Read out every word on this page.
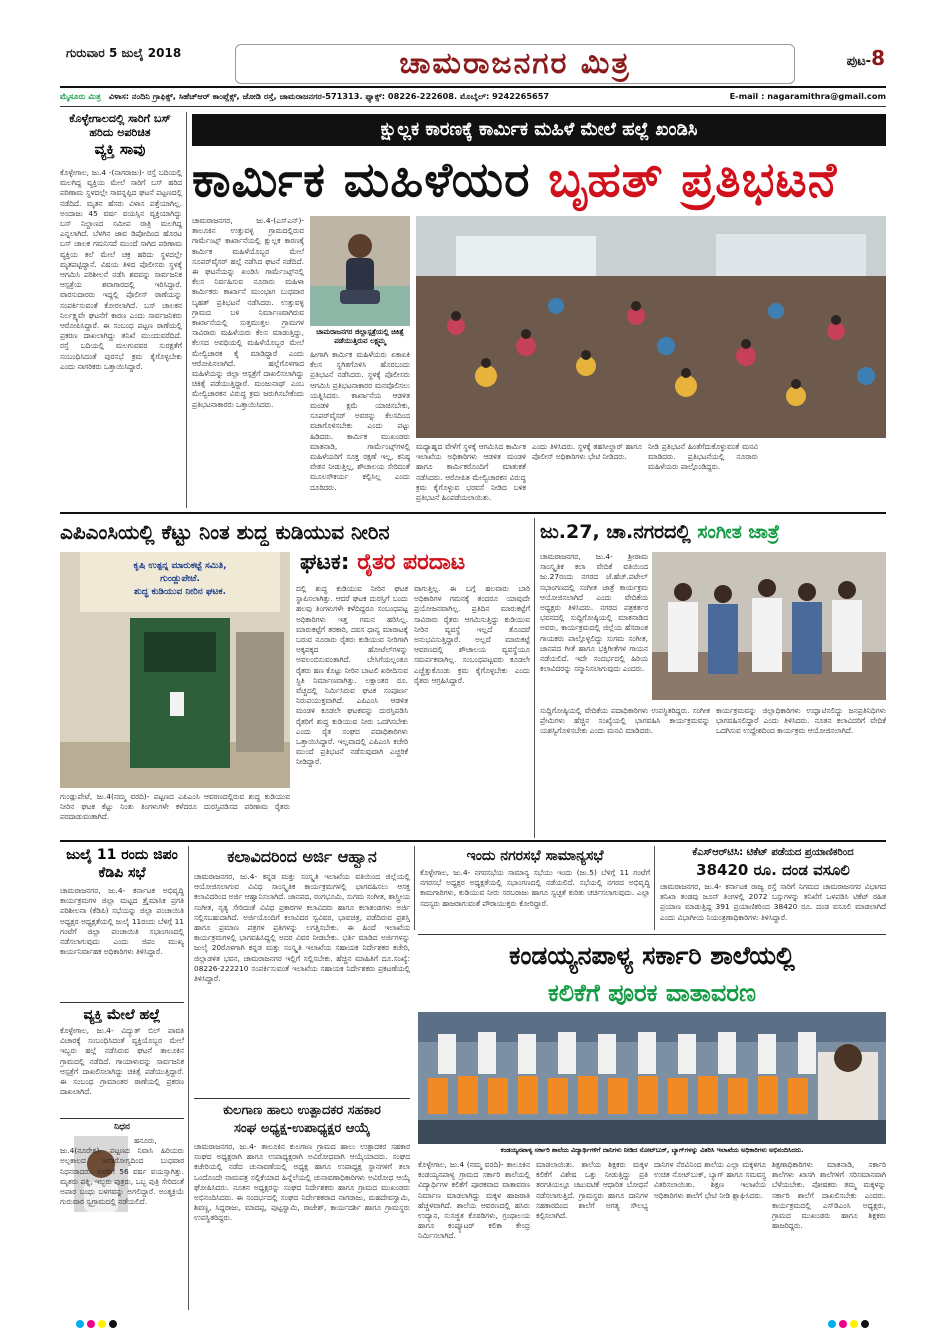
ಗುರುವಾರ 5 ಜುಲೈ 2018	ಚಾಮರಾಜನಗರ ಮಿತ್ರ	ಪುಟ-8
ಮೈಸೂರು ಮಿತ್ರ ವಿಳಾಸ: ನಂದಿನಿ ಗ್ರಾಫಿಕ್ಸ್, ಸಿಹೆಚ್‌ಆರ್ ಕಾಂಪ್ಲೆಕ್ಸ್, ಜೋಡಿ ರಸ್ತೆ, ಚಾಮರಾಜನಗರ-571313. ಫ್ಯಾಕ್ಸ್: 08226-222608. ಮೊಬೈಲ್: 9242265657	E-mail : nagaramithra@gmail.com
ಕೊಳ್ಳೇಗಾಲದಲ್ಲಿ ಸಾರಿಗೆ ಬಸ್ ಹರಿದು ಅಪರಿಚಿತ
ವ್ಯಕ್ತಿ ಸಾವು
ಕೊಳ್ಳೇಗಾಲ, ಜು.4 -(ನಾಗರಾಜು)- ರಸ್ತೆ ಬದಿಯಲ್ಲಿ ಮಲಗಿದ್ದ ವ್ಯಕ್ತಿಯ ಮೇಲೆ ಸಾರಿಗೆ ಬಸ್ ಹರಿದ ಪರಿಣಾಮ ಸ್ಥಳದಲ್ಲೇ ಸಾವನ್ನಪ್ಪಿದ ಘಟನೆ ಪಟ್ಟಣದಲ್ಲಿ ನಡೆದಿದೆ. ಮೃತನ ಹೆಸರು ವಿಳಾಸ ಪತ್ತೆಯಾಗಿಲ್ಲ. ಅಂದಾಜು 45 ವರ್ಷ ವಯಸ್ಸಿನ ವ್ಯಕ್ತಿಯಾಗಿದ್ದು ಬಸ್ ನಿಲ್ದಾಣದ ಸಮೀಪ ರಾತ್ರಿ ಮಲಗಿದ್ದ ಎನ್ನಲಾಗಿದೆ. ಬೆಳಗಿನ ಜಾವ ಡಿಪೋದಿಂದ ಹೊರಟ ಬಸ್ ಚಾಲಕ ಗಮನಿಸದೆ ಮುಂದೆ ಸಾಗಿದ ಪರಿಣಾಮ ವ್ಯಕ್ತಿಯ ತಲೆ ಮೇಲೆ ಚಕ್ರ ಹರಿದು ಸ್ಥಳದಲ್ಲೇ ಮೃತಪಟ್ಟಿದ್ದಾನೆ. ವಿಷಯ ತಿಳಿದ ಪೊಲೀಸರು ಸ್ಥಳಕ್ಕೆ ಆಗಮಿಸಿ ಪರಿಶೀಲನೆ ನಡೆಸಿ ಶವವನ್ನು ಸಾರ್ವಜನಿಕ ಆಸ್ಪತ್ರೆಯ ಶವಾಗಾರದಲ್ಲಿ ಇರಿಸಿದ್ದಾರೆ. ವಾರಸುದಾರರು ಇದ್ದಲ್ಲಿ ಪೊಲೀಸ್ ಠಾಣೆಯನ್ನು ಸಂಪರ್ಕಿಸುವಂತೆ ಕೋರಲಾಗಿದೆ. ಬಸ್ ಚಾಲಕನ ನಿರ್ಲಕ್ಷ್ಯವೇ ಘಟನೆಗೆ ಕಾರಣ ಎಂದು ಸಾರ್ವಜನಿಕರು ಆರೋಪಿಸಿದ್ದಾರೆ. ಈ ಸಂಬಂಧ ಪಟ್ಟಣ ಠಾಣೆಯಲ್ಲಿ ಪ್ರಕರಣ ದಾಖಲಾಗಿದ್ದು ತನಿಖೆ ಮುಂದುವರೆದಿದೆ. ರಸ್ತೆ ಬದಿಯಲ್ಲಿ ಮಲಗುವವರ ಸುರಕ್ಷತೆಗೆ ಸಂಬಂಧಿಸಿದಂತೆ ಪುರಸಭೆ ಕ್ರಮ ಕೈಗೊಳ್ಳಬೇಕು ಎಂದು ನಾಗರಿಕರು ಒತ್ತಾಯಿಸಿದ್ದಾರೆ.
ಕ್ಷುಲ್ಲಕ ಕಾರಣಕ್ಕೆ ಕಾರ್ಮಿಕ ಮಹಿಳೆ ಮೇಲೆ ಹಲ್ಲೆ ಖಂಡಿಸಿ
ಕಾರ್ಮಿಕ ಮಹಿಳೆಯರ ಬೃಹತ್ ಪ್ರತಿಭಟನೆ
ಚಾಮರಾಜನಗರ, ಜು.4-(ಎಸ್‌ಎನ್)- ತಾಲೂಕಿನ ಉತ್ತುವಳ್ಳಿ ಗ್ರಾಮದಲ್ಲಿರುವ ಗಾರ್ಮೆಂಟ್ಸ್ ಕಾರ್ಖಾನೆಯಲ್ಲಿ ಕ್ಷುಲ್ಲಕ ಕಾರಣಕ್ಕೆ ಕಾರ್ಮಿಕ ಮಹಿಳೆಯೊಬ್ಬರ ಮೇಲೆ ಸೂಪರ್‌ವೈಸರ್ ಹಲ್ಲೆ ನಡೆಸಿದ ಘಟನೆ ನಡೆದಿದೆ. ಈ ಘಟನೆಯನ್ನು ಖಂಡಿಸಿ ಗಾರ್ಮೆಂಟ್ಸ್‌ನಲ್ಲಿ ಕೆಲಸ ನಿರ್ವಹಿಸುವ ನೂರಾರು ಮಹಿಳಾ ಕಾರ್ಮಿಕರು ಕಾರ್ಖಾನೆ ಮುಂಭಾಗ ಬುಧವಾರ ಬೃಹತ್ ಪ್ರತಿಭಟನೆ ನಡೆಸಿದರು. ಉತ್ತುವಳ್ಳಿ ಗ್ರಾಮದ ಬಳಿ ನಿರ್ಮಾಣವಾಗಿರುವ ಕಾರ್ಖಾನೆಯಲ್ಲಿ ಸುತ್ತಮುತ್ತಲ ಗ್ರಾಮಗಳ ಸಾವಿರಾರು ಮಹಿಳೆಯರು ಕೆಲಸ ಮಾಡುತ್ತಿದ್ದು, ಕೆಲಸದ ಅವಧಿಯಲ್ಲಿ ಮಹಿಳೆಯೊಬ್ಬರ ಮೇಲೆ ಮೇಲ್ವಿಚಾರಕ ಕೈ ಮಾಡಿದ್ದಾರೆ ಎಂದು ಆರೋಪಿಸಲಾಗಿದೆ. ಹಲ್ಲೆಗೊಳಗಾದ ಮಹಿಳೆಯನ್ನು ಜಿಲ್ಲಾ ಆಸ್ಪತ್ರೆಗೆ ದಾಖಲಿಸಲಾಗಿದ್ದು ಚಿಕಿತ್ಸೆ ಪಡೆಯುತ್ತಿದ್ದಾರೆ. ಮಂಜುನಾಥ್ ಎಂಬ ಮೇಲ್ವಿಚಾರಕನ ವಿರುದ್ಧ ಕ್ರಮ ಜರುಗಿಸಬೇಕೆಂದು ಪ್ರತಿಭಟನಾಕಾರರು ಒತ್ತಾಯಿಸಿದರು.
ಚಾಮರಾಜನಗರ ಜಿಲ್ಲಾಸ್ಪತ್ರೆಯಲ್ಲಿ ಚಿಕಿತ್ಸೆ ಪಡೆಯುತ್ತಿರುವ ಲಕ್ಷ್ಮಮ್ಮ
ಹೀಗಾಗಿ ಕಾರ್ಮಿಕ ಮಹಿಳೆಯರು ಏಕಾಏಕಿ ಕೆಲಸ ಸ್ಥಗಿತಗೊಳಿಸಿ ಹೊರಬಂದು ಪ್ರತಿಭಟನೆ ನಡೆಸಿದರು. ಸ್ಥಳಕ್ಕೆ ಪೊಲೀಸರು ಆಗಮಿಸಿ ಪ್ರತಿಭಟನಾಕಾರರ ಮನವೊಲಿಸಲು ಯತ್ನಿಸಿದರು. ಕಾರ್ಖಾನೆಯ ಆಡಳಿತ ಮಂಡಳಿ ಕ್ಷಮೆ ಯಾಚಿಸಬೇಕು, ಸೂಪರ್‌ವೈಸರ್ ಅವರನ್ನು ಕೆಲಸದಿಂದ ವಜಾಗೊಳಿಸಬೇಕು ಎಂದು ಪಟ್ಟು ಹಿಡಿದರು. ಕಾರ್ಮಿಕ ಮುಖಂಡರು ಮಾತನಾಡಿ, ಗಾರ್ಮೆಂಟ್ಸ್‌ಗಳಲ್ಲಿ ಮಹಿಳೆಯರಿಗೆ ಸೂಕ್ತ ರಕ್ಷಣೆ ಇಲ್ಲ, ಕನಿಷ್ಠ ವೇತನ ನೀಡುತ್ತಿಲ್ಲ, ಶೌಚಾಲಯ ಸೇರಿದಂತೆ ಮೂಲಸೌಕರ್ಯ ಕಲ್ಪಿಸಿಲ್ಲ ಎಂದು ದೂರಿದರು.
ಮಧ್ಯಾಹ್ನದ ವೇಳೆಗೆ ಸ್ಥಳಕ್ಕೆ ಆಗಮಿಸಿದ ಕಾರ್ಮಿಕ ಇಲಾಖೆಯ ಅಧಿಕಾರಿಗಳು ಆಡಳಿತ ಮಂಡಳಿ ಹಾಗೂ ಕಾರ್ಮಿಕರೊಂದಿಗೆ ಮಾತುಕತೆ ನಡೆಸಿದರು. ಆರೋಪಿತ ಮೇಲ್ವಿಚಾರಕನ ವಿರುದ್ಧ ಕ್ರಮ ಕೈಗೊಳ್ಳುವ ಭರವಸೆ ನೀಡಿದ ಬಳಿಕ ಪ್ರತಿಭಟನೆ ಹಿಂಪಡೆಯಲಾಯಿತು.
ಎಂದು ತಿಳಿಸಿದರು. ಸ್ಥಳಕ್ಕೆ ತಹಸೀಲ್ದಾರ್ ಹಾಗೂ ಪೊಲೀಸ್ ಅಧಿಕಾರಿಗಳು ಭೇಟಿ ನೀಡಿದರು.
ನೀಡಿ ಪ್ರತಿಭಟನೆ ಹಿಂತೆಗೆದುಕೊಳ್ಳುವಂತೆ ಮನವಿ ಮಾಡಿದರು. ಪ್ರತಿಭಟನೆಯಲ್ಲಿ ನೂರಾರು ಮಹಿಳೆಯರು ಪಾಲ್ಗೊಂಡಿದ್ದರು.
ಎಪಿಎಂಸಿಯಲ್ಲಿ ಕೆಟ್ಟು ನಿಂತ ಶುದ್ಧ ಕುಡಿಯುವ ನೀರಿನ
ಘಟಕ: ರೈತರ ಪರದಾಟ
ಕೃಷಿ ಉತ್ಪನ್ನ ಮಾರುಕಟ್ಟೆ ಸಮಿತಿ,
ಗುಂಡ್ಲುಪೇಟೆ.
ಶುದ್ಧ ಕುಡಿಯುವ ನೀರಿನ ಘಟಕ.
ಗುಂಡ್ಲುಪೇಟೆ, ಜು.4(ನಮ್ಮ ವರದಿ)- ಪಟ್ಟಣದ ಎಪಿಎಂಸಿ ಆವರಣದಲ್ಲಿರುವ ಶುದ್ಧ ಕುಡಿಯುವ ನೀರಿನ ಘಟಕ ಕೆಟ್ಟು ನಿಂತು ತಿಂಗಳುಗಳೇ ಕಳೆದರೂ ದುರಸ್ತಿಪಡಿಸದ ಪರಿಣಾಮ ರೈತರು ಪರದಾಡುವಂತಾಗಿದೆ.
ದಲ್ಲಿ ಶುದ್ಧ ಕುಡಿಯುವ ನೀರಿನ ಘಟಕ ಸ್ಥಾಪಿಸಲಾಗಿತ್ತು. ಆದರೆ ಘಟಕ ದುರಸ್ತಿಗೆ ಬಂದು ಹಲವು ತಿಂಗಳುಗಳೇ ಕಳೆದಿದ್ದರೂ ಸಂಬಂಧಪಟ್ಟ ಅಧಿಕಾರಿಗಳು ಇತ್ತ ಗಮನ ಹರಿಸಿಲ್ಲ. ಮಾರುಕಟ್ಟೆಗೆ ತರಕಾರಿ, ದವಸ ಧಾನ್ಯ ಮಾರಾಟಕ್ಕೆ ಬರುವ ನೂರಾರು ರೈತರು ಕುಡಿಯುವ ನೀರಿಗಾಗಿ ಅಕ್ಕಪಕ್ಕದ ಹೋಟೆಲ್‌ಗಳನ್ನು ಅವಲಂಬಿಸುವಂತಾಗಿದೆ. ಬೇಸಿಗೆಯಲ್ಲಂತೂ ರೈತರು ಹಣ ಕೊಟ್ಟು ನೀರಿನ ಬಾಟಲಿ ಖರೀದಿಸುವ ಸ್ಥಿತಿ ನಿರ್ಮಾಣವಾಗಿತ್ತು. ಲಕ್ಷಾಂತರ ರೂ. ವೆಚ್ಚದಲ್ಲಿ ನಿರ್ಮಿಸಿರುವ ಘಟಕ ಸಂಪೂರ್ಣ ನಿರುಪಯುಕ್ತವಾಗಿದೆ. ಎಪಿಎಂಸಿ ಆಡಳಿತ ಮಂಡಳಿ ಕೂಡಲೇ ಘಟಕವನ್ನು ದುರಸ್ತಿಪಡಿಸಿ ರೈತರಿಗೆ ಶುದ್ಧ ಕುಡಿಯುವ ನೀರು ಒದಗಿಸಬೇಕು ಎಂದು ರೈತ ಸಂಘದ ಪದಾಧಿಕಾರಿಗಳು ಒತ್ತಾಯಿಸಿದ್ದಾರೆ. ಇಲ್ಲವಾದಲ್ಲಿ ಎಪಿಎಂಸಿ ಕಚೇರಿ ಮುಂದೆ ಪ್ರತಿಭಟನೆ ನಡೆಸುವುದಾಗಿ ಎಚ್ಚರಿಕೆ ನೀಡಿದ್ದಾರೆ.
ವಾಗುತ್ತಿಲ್ಲ. ಈ ಬಗ್ಗೆ ಹಲವಾರು ಬಾರಿ ಅಧಿಕಾರಿಗಳ ಗಮನಕ್ಕೆ ತಂದರೂ ಯಾವುದೇ ಪ್ರಯೋಜನವಾಗಿಲ್ಲ. ಪ್ರತಿದಿನ ಮಾರುಕಟ್ಟೆಗೆ ಸಾವಿರಾರು ರೈತರು ಆಗಮಿಸುತ್ತಿದ್ದು ಕುಡಿಯುವ ನೀರಿನ ವ್ಯವಸ್ಥೆ ಇಲ್ಲದೆ ತೊಂದರೆ ಅನುಭವಿಸುತ್ತಿದ್ದಾರೆ. ಅಲ್ಲದೆ ಮಾರುಕಟ್ಟೆ ಆವರಣದಲ್ಲಿ ಶೌಚಾಲಯ ವ್ಯವಸ್ಥೆಯೂ ಸಮರ್ಪಕವಾಗಿಲ್ಲ. ಸಂಬಂಧಪಟ್ಟವರು ಕೂಡಲೇ ಎಚ್ಚೆತ್ತುಕೊಂಡು ಕ್ರಮ ಕೈಗೊಳ್ಳಬೇಕು ಎಂದು ರೈತರು ಆಗ್ರಹಿಸಿದ್ದಾರೆ.
ಜು.27, ಚಾ.ನಗರದಲ್ಲಿ ಸಂಗೀತ ಜಾತ್ರೆ
ಚಾಮರಾಜನಗರ, ಜು.4- ಶ್ರೀರಾಮ ಸಾಂಸ್ಕೃತಿಕ ಕಲಾ ವೇದಿಕೆ ವತಿಯಿಂದ ಜು.27ರಂದು ನಗರದ ಜೆ.ಹೆಚ್.ಪಟೇಲ್ ಸಭಾಂಗಣದಲ್ಲಿ ಸಂಗೀತ ಜಾತ್ರೆ ಕಾರ್ಯಕ್ರಮ ಆಯೋಜಿಸಲಾಗಿದೆ ಎಂದು ವೇದಿಕೆಯ ಅಧ್ಯಕ್ಷರು ತಿಳಿಸಿದರು. ನಗರದ ಪತ್ರಕರ್ತರ ಭವನದಲ್ಲಿ ಸುದ್ದಿಗೋಷ್ಠಿಯಲ್ಲಿ ಮಾತನಾಡಿದ ಅವರು, ಕಾರ್ಯಕ್ರಮದಲ್ಲಿ ಜಿಲ್ಲೆಯ ಹೆಸರಾಂತ ಗಾಯಕರು ಪಾಲ್ಗೊಳ್ಳಲಿದ್ದು ಸುಗಮ ಸಂಗೀತ, ಜಾನಪದ ಗೀತೆ ಹಾಗೂ ಭಕ್ತಿಗೀತೆಗಳ ಗಾಯನ ನಡೆಯಲಿದೆ. ಇದೇ ಸಂದರ್ಭದಲ್ಲಿ ಹಿರಿಯ ಕಲಾವಿದರನ್ನು ಸನ್ಮಾನಿಸಲಾಗುವುದು ಎಂದರು.
ಸುದ್ದಿಗೋಷ್ಠಿಯಲ್ಲಿ ವೇದಿಕೆಯ ಪದಾಧಿಕಾರಿಗಳು ಉಪಸ್ಥಿತರಿದ್ದರು. ಸಂಗೀತ ಪ್ರೇಮಿಗಳು ಹೆಚ್ಚಿನ ಸಂಖ್ಯೆಯಲ್ಲಿ ಭಾಗವಹಿಸಿ ಕಾರ್ಯಕ್ರಮವನ್ನು ಯಶಸ್ವಿಗೊಳಿಸಬೇಕು ಎಂದು ಮನವಿ ಮಾಡಿದರು.
ಕಾರ್ಯಕ್ರಮವನ್ನು ಜಿಲ್ಲಾಧಿಕಾರಿಗಳು ಉದ್ಘಾಟಿಸಲಿದ್ದು ಜನಪ್ರತಿನಿಧಿಗಳು ಭಾಗವಹಿಸಲಿದ್ದಾರೆ ಎಂದು ತಿಳಿಸಿದರು. ನೂತನ ಕಲಾವಿದರಿಗೆ ವೇದಿಕೆ ಒದಗಿಸುವ ಉದ್ದೇಶದಿಂದ ಕಾರ್ಯಕ್ರಮ ಆಯೋಜಿಸಲಾಗಿದೆ.
ಜುಲೈ 11 ರಂದು ಜಿಪಂ ಕೆಡಿಪಿ ಸಭೆ
ಚಾಮರಾಜನಗರ, ಜು.4- ಕರ್ನಾಟಕ ಅಭಿವೃದ್ಧಿ ಕಾರ್ಯಕ್ರಮಗಳ ಜಿಲ್ಲಾ ಮಟ್ಟದ ತ್ರೈಮಾಸಿಕ ಪ್ರಗತಿ ಪರಿಶೀಲನಾ (ಕೆಡಿಪಿ) ಸಭೆಯನ್ನು ಜಿಲ್ಲಾ ಪಂಚಾಯಿತಿ ಅಧ್ಯಕ್ಷರ ಅಧ್ಯಕ್ಷತೆಯಲ್ಲಿ ಜುಲೈ 11ರಂದು ಬೆಳಿಗ್ಗೆ 11 ಗಂಟೆಗೆ ಜಿಲ್ಲಾ ಪಂಚಾಯಿತಿ ಸಭಾಂಗಣದಲ್ಲಿ ನಡೆಸಲಾಗುವುದು ಎಂದು ಜಿಪಂ ಮುಖ್ಯ ಕಾರ್ಯನಿರ್ವಾಹಕ ಅಧಿಕಾರಿಗಳು ತಿಳಿಸಿದ್ದಾರೆ.
ವ್ಯಕ್ತಿ ಮೇಲೆ ಹಲ್ಲೆ
ಕೊಳ್ಳೇಗಾಲ, ಜು.4- ವಿದ್ಯುತ್ ಬಿಲ್ ಪಾವತಿ ವಿಚಾರಕ್ಕೆ ಸಂಬಂಧಿಸಿದಂತೆ ವ್ಯಕ್ತಿಯೊಬ್ಬರ ಮೇಲೆ ಇಬ್ಬರು ಹಲ್ಲೆ ನಡೆಸಿರುವ ಘಟನೆ ತಾಲೂಕಿನ ಗ್ರಾಮದಲ್ಲಿ ನಡೆದಿದೆ. ಗಾಯಾಳುವನ್ನು ಸಾರ್ವಜನಿಕ ಆಸ್ಪತ್ರೆಗೆ ದಾಖಲಿಸಲಾಗಿದ್ದು ಚಿಕಿತ್ಸೆ ಪಡೆಯುತ್ತಿದ್ದಾರೆ. ಈ ಸಂಬಂಧ ಗ್ರಾಮಾಂತರ ಠಾಣೆಯಲ್ಲಿ ಪ್ರಕರಣ ದಾಖಲಾಗಿದೆ.
ನಿಧನ
ಹನೂರು, ಜು.4(ನೂರೇಶ)- ಪಟ್ಟಣದ ನಿವಾಸಿ ಹಿರಿಯರು ಅಲ್ಪಕಾಲದ ಅನಾರೋಗ್ಯದಿಂದ ಬುಧವಾರ ನಿಧನರಾದರು. ಅವರಿಗೆ 56 ವರ್ಷ ವಯಸ್ಸಾಗಿತ್ತು. ಮೃತರು ಪತ್ನಿ, ಇಬ್ಬರು ಪುತ್ರರು, ಒಬ್ಬ ಪುತ್ರಿ ಸೇರಿದಂತೆ ಅಪಾರ ಬಂಧು ಬಳಗವನ್ನು ಅಗಲಿದ್ದಾರೆ. ಅಂತ್ಯಕ್ರಿಯೆ ಗುರುವಾರ ಸ್ವಗ್ರಾಮದಲ್ಲಿ ನಡೆಯಲಿದೆ.
ಕಲಾವಿದರಿಂದ ಅರ್ಜಿ ಆಹ್ವಾನ
ಚಾಮರಾಜನಗರ, ಜು.4- ಕನ್ನಡ ಮತ್ತು ಸಂಸ್ಕೃತಿ ಇಲಾಖೆಯ ವತಿಯಿಂದ ಜಿಲ್ಲೆಯಲ್ಲಿ ಆಯೋಜಿಸಲಾಗುವ ವಿವಿಧ ಸಾಂಸ್ಕೃತಿಕ ಕಾರ್ಯಕ್ರಮಗಳಲ್ಲಿ ಭಾಗವಹಿಸಲು ಆಸಕ್ತ ಕಲಾವಿದರಿಂದ ಅರ್ಜಿ ಆಹ್ವಾನಿಸಲಾಗಿದೆ. ಜಾನಪದ, ರಂಗಭೂಮಿ, ಸುಗಮ ಸಂಗೀತ, ಶಾಸ್ತ್ರೀಯ ಸಂಗೀತ, ನೃತ್ಯ ಸೇರಿದಂತೆ ವಿವಿಧ ಪ್ರಕಾರಗಳ ಕಲಾವಿದರು ಹಾಗೂ ಕಲಾತಂಡಗಳು ಅರ್ಜಿ ಸಲ್ಲಿಸಬಹುದಾಗಿದೆ. ಅರ್ಜಿಯೊಂದಿಗೆ ಕಲಾವಿದರ ಸ್ವವಿವರ, ಭಾವಚಿತ್ರ, ಪಡೆದಿರುವ ಪ್ರಶಸ್ತಿ ಹಾಗೂ ಪ್ರಮಾಣ ಪತ್ರಗಳ ಪ್ರತಿಗಳನ್ನು ಲಗತ್ತಿಸಬೇಕು. ಈ ಹಿಂದೆ ಇಲಾಖೆಯ ಕಾರ್ಯಕ್ರಮಗಳಲ್ಲಿ ಭಾಗವಹಿಸಿದ್ದಲ್ಲಿ ಅದರ ವಿವರ ನೀಡಬೇಕು. ಭರ್ತಿ ಮಾಡಿದ ಅರ್ಜಿಗಳನ್ನು ಜುಲೈ 20ರೊಳಗಾಗಿ ಕನ್ನಡ ಮತ್ತು ಸಂಸ್ಕೃತಿ ಇಲಾಖೆಯ ಸಹಾಯಕ ನಿರ್ದೇಶಕರ ಕಚೇರಿ, ಜಿಲ್ಲಾಡಳಿತ ಭವನ, ಚಾಮರಾಜನಗರ ಇಲ್ಲಿಗೆ ಸಲ್ಲಿಸಬೇಕು. ಹೆಚ್ಚಿನ ಮಾಹಿತಿಗೆ ದೂ.ಸಂಖ್ಯೆ: 08226-222210 ಸಂಪರ್ಕಿಸುವಂತೆ ಇಲಾಖೆಯ ಸಹಾಯಕ ನಿರ್ದೇಶಕರು ಪ್ರಕಟಣೆಯಲ್ಲಿ ತಿಳಿಸಿದ್ದಾರೆ.
ಕುಲಗಾಣ ಹಾಲು ಉತ್ಪಾದಕರ ಸಹಕಾರ
ಸಂಘ ಅಧ್ಯಕ್ಷ-ಉಪಾಧ್ಯಕ್ಷರ ಆಯ್ಕೆ
ಚಾಮರಾಜನಗರ, ಜು.4- ತಾಲೂಕಿನ ಕುಲಗಾಣ ಗ್ರಾಮದ ಹಾಲು ಉತ್ಪಾದಕರ ಸಹಕಾರ ಸಂಘದ ಅಧ್ಯಕ್ಷರಾಗಿ ಹಾಗೂ ಉಪಾಧ್ಯಕ್ಷರಾಗಿ ಅವಿರೋಧವಾಗಿ ಆಯ್ಕೆಯಾದರು. ಸಂಘದ ಕಚೇರಿಯಲ್ಲಿ ನಡೆದ ಚುನಾವಣೆಯಲ್ಲಿ ಅಧ್ಯಕ್ಷ ಹಾಗೂ ಉಪಾಧ್ಯಕ್ಷ ಸ್ಥಾನಗಳಿಗೆ ತಲಾ ಒಂದೊಂದೇ ನಾಮಪತ್ರ ಸಲ್ಲಿಕೆಯಾದ ಹಿನ್ನೆಲೆಯಲ್ಲಿ ಚುನಾವಣಾಧಿಕಾರಿಗಳು ಅವಿರೋಧ ಆಯ್ಕೆ ಘೋಷಿಸಿದರು. ನೂತನ ಅಧ್ಯಕ್ಷರನ್ನು ಸಂಘದ ನಿರ್ದೇಶಕರು ಹಾಗೂ ಗ್ರಾಮದ ಮುಖಂಡರು ಅಭಿನಂದಿಸಿದರು. ಈ ಸಂದರ್ಭದಲ್ಲಿ ಸಂಘದ ನಿರ್ದೇಶಕರಾದ ನಾಗರಾಜು, ಮಹದೇವಸ್ವಾಮಿ, ಶಿವಣ್ಣ, ಸಿದ್ದರಾಜು, ಮಾದಪ್ಪ, ಪುಟ್ಟಸ್ವಾಮಿ, ರಾಜೇಶ್, ಕಾರ್ಯದರ್ಶಿ ಹಾಗೂ ಗ್ರಾಮಸ್ಥರು ಉಪಸ್ಥಿತರಿದ್ದರು.
ಇಂದು ನಗರಸಭೆ ಸಾಮಾನ್ಯಸಭೆ
ಕೊಳ್ಳೇಗಾಲ, ಜು.4- ನಗರಸಭೆಯ ಸಾಮಾನ್ಯ ಸಭೆಯು ಇಂದು (ಜು.5) ಬೆಳಿಗ್ಗೆ 11 ಗಂಟೆಗೆ ನಗರಸಭೆ ಅಧ್ಯಕ್ಷರ ಅಧ್ಯಕ್ಷತೆಯಲ್ಲಿ ಸಭಾಂಗಣದಲ್ಲಿ ನಡೆಯಲಿದೆ. ಸಭೆಯಲ್ಲಿ ನಗರದ ಅಭಿವೃದ್ಧಿ ಕಾಮಗಾರಿಗಳು, ಕುಡಿಯುವ ನೀರು ಸರಬರಾಜು ಹಾಗೂ ಸ್ವಚ್ಛತೆ ಕುರಿತು ಚರ್ಚಿಸಲಾಗುವುದು. ಎಲ್ಲಾ ಸದಸ್ಯರು ಹಾಜರಾಗುವಂತೆ ಪೌರಾಯುಕ್ತರು ಕೋರಿದ್ದಾರೆ.
ಕೆಎಸ್‌ಆರ್‌ಟಿಸಿ: ಟಿಕೆಟ್ ಪಡೆಯದ ಪ್ರಯಾಣಿಕರಿಂದ
38420 ರೂ. ದಂಡ ವಸೂಲಿ
ಚಾಮರಾಜನಗರ, ಜು.4- ಕರ್ನಾಟಕ ರಾಜ್ಯ ರಸ್ತೆ ಸಾರಿಗೆ ನಿಗಮದ ಚಾಮರಾಜನಗರ ವಿಭಾಗದ ತನಿಖಾ ತಂಡವು ಜೂನ್ ತಿಂಗಳಲ್ಲಿ 2072 ಬಸ್ಸುಗಳನ್ನು ತನಿಖೆಗೆ ಒಳಪಡಿಸಿ ಟಿಕೆಟ್ ರಹಿತ ಪ್ರಯಾಣ ಮಾಡುತ್ತಿದ್ದ 391 ಪ್ರಯಾಣಿಕರಿಂದ 38420 ರೂ. ದಂಡ ವಸೂಲಿ ಮಾಡಲಾಗಿದೆ ಎಂದು ವಿಭಾಗೀಯ ನಿಯಂತ್ರಣಾಧಿಕಾರಿಗಳು ತಿಳಿಸಿದ್ದಾರೆ.
ಕಂಡಯ್ಯನಪಾಳ್ಯ ಸರ್ಕಾರಿ ಶಾಲೆಯಲ್ಲಿ
ಕಲಿಕೆಗೆ ಪೂರಕ ವಾತಾವರಣ
ಕಂಡಯ್ಯನಪಾಳ್ಯ ಸರ್ಕಾರಿ ಶಾಲೆಯ ವಿದ್ಯಾರ್ಥಿಗಳಿಗೆ ದಾನಿಗಳು ನೀಡಿದ ನೋಟ್‌ಬುಕ್, ಬ್ಯಾಗ್‌ಗಳನ್ನು ವಿತರಿಸಿ ಇಲಾಖೆಯ ಅಧಿಕಾರಿಗಳು ಅಭಿನಂದಿಸಿದರು.
ಕೊಳ್ಳೇಗಾಲ, ಜು.4 (ನಮ್ಮ ವರದಿ)- ತಾಲೂಕಿನ ಕಂಡಯ್ಯನಪಾಳ್ಯ ಗ್ರಾಮದ ಸರ್ಕಾರಿ ಶಾಲೆಯಲ್ಲಿ ವಿದ್ಯಾರ್ಥಿಗಳ ಕಲಿಕೆಗೆ ಪೂರಕವಾದ ವಾತಾವರಣ ನಿರ್ಮಾಣ ಮಾಡಲಾಗಿದ್ದು ಮಕ್ಕಳ ಹಾಜರಾತಿ ಹೆಚ್ಚಳವಾಗಿದೆ. ಶಾಲೆಯ ಆವರಣದಲ್ಲಿ ಹಸಿರು ಉದ್ಯಾನ, ಸುಸಜ್ಜಿತ ಕೊಠಡಿಗಳು, ಗ್ರಂಥಾಲಯ ಹಾಗೂ ಕಂಪ್ಯೂಟರ್ ಕಲಿಕಾ ಕೇಂದ್ರ ನಿರ್ಮಿಸಲಾಗಿದೆ.
ಮಾಡಲಾಯಿತು. ಶಾಲೆಯ ಶಿಕ್ಷಕರು ಮಕ್ಕಳ ಕಲಿಕೆಗೆ ವಿಶೇಷ ಒತ್ತು ನೀಡುತ್ತಿದ್ದು ಪ್ರತಿ ತರಗತಿಯಲ್ಲೂ ಚಟುವಟಿಕೆ ಆಧಾರಿತ ಬೋಧನೆ ನಡೆಸಲಾಗುತ್ತಿದೆ. ಗ್ರಾಮಸ್ಥರು ಹಾಗೂ ದಾನಿಗಳ ಸಹಕಾರದಿಂದ ಶಾಲೆಗೆ ಅಗತ್ಯ ಸೌಲಭ್ಯ ಕಲ್ಪಿಸಲಾಗಿದೆ.
ದಾನಿಗಳ ನೆರವಿನಿಂದ ಶಾಲೆಯ ಎಲ್ಲಾ ಮಕ್ಕಳಿಗೂ ಉಚಿತ ನೋಟ್‌ಬುಕ್, ಬ್ಯಾಗ್ ಹಾಗೂ ಸಮವಸ್ತ್ರ ವಿತರಿಸಲಾಯಿತು. ಶಿಕ್ಷಣ ಇಲಾಖೆಯ ಅಧಿಕಾರಿಗಳು ಶಾಲೆಗೆ ಭೇಟಿ ನೀಡಿ ಶ್ಲಾಘಿಸಿದರು.
ಶಿಕ್ಷಣಾಧಿಕಾರಿಗಳು ಮಾತನಾಡಿ, ಸರ್ಕಾರಿ ಶಾಲೆಗಳು ಖಾಸಗಿ ಶಾಲೆಗಳಿಗೆ ಸರಿಸಮಾನವಾಗಿ ಬೆಳೆಯಬೇಕು. ಪೋಷಕರು ತಮ್ಮ ಮಕ್ಕಳನ್ನು ಸರ್ಕಾರಿ ಶಾಲೆಗೆ ದಾಖಲಿಸಬೇಕು ಎಂದರು. ಕಾರ್ಯಕ್ರಮದಲ್ಲಿ ಎಸ್‌ಡಿಎಂಸಿ ಅಧ್ಯಕ್ಷರು, ಗ್ರಾಮದ ಮುಖಂಡರು ಹಾಗೂ ಶಿಕ್ಷಕರು ಹಾಜರಿದ್ದರು.
